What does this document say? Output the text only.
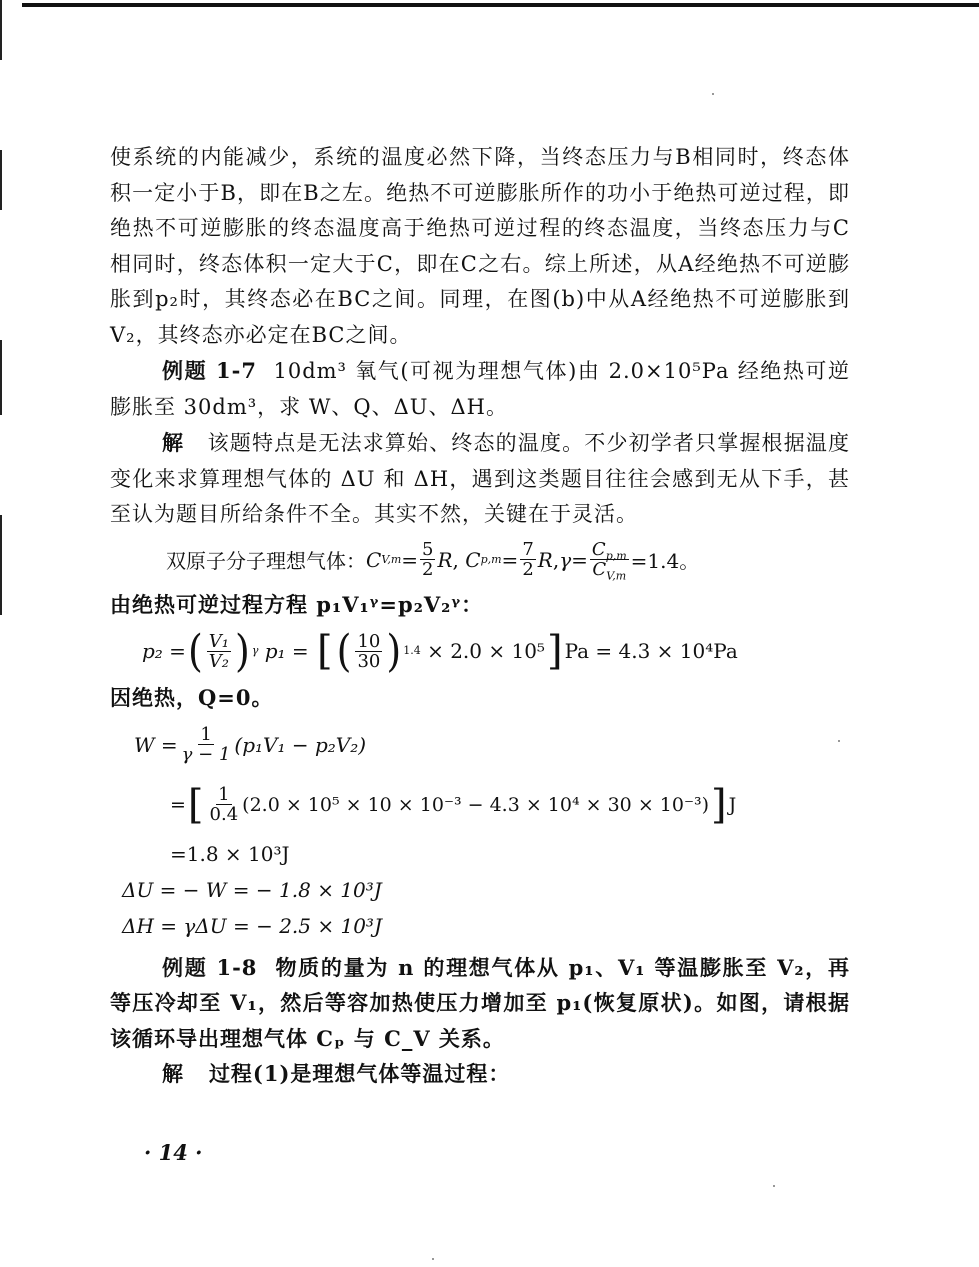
使系统的内能减少，系统的温度必然下降，当终态压力与B相同时，终态体积一定小于B，即在B之左。绝热不可逆膨胀所作的功小于绝热可逆过程，即绝热不可逆膨胀的终态温度高于绝热可逆过程的终态温度，当终态压力与C相同时，终态体积一定大于C，即在C之右。综上所述，从A经绝热不可逆膨胀到p₂时，其终态必在BC之间。同理，在图(b)中从A经绝热不可逆膨胀到V₂，其终态亦必定在BC之间。

例题 1-7 10dm³ 氧气(可视为理想气体)由 2.0×10⁵Pa 经绝热可逆膨胀至 30dm³，求 W、Q、ΔU、ΔH。

解 该题特点是无法求算始、终态的温度。不少初学者只掌握根据温度变化来求算理想气体的 ΔU 和 ΔH，遇到这类题目往往会感到无从下手，甚至认为题目所给条件不全。其实不然，关键在于灵活。

双原子分子理想气体： C $V,m = \frac{5}{2}$ R , C $p,m = \frac{7}{2}$ R , $\gamma = \frac{C_{p,m}}{C_{V,m}} =1.4$。

由绝热可逆过程方程 p₁V₁ᵞ=p₂V₂ᵞ：

p₂ = ( $\frac{\text{V₁}}{\text{V₂}}$ ) γ
p₁ =
[ ( $\frac{10}{30}$ ) 1.4
× 2.0 × 10⁵ ] Pa = 4.3 × 10⁴Pa

因绝热，Q=0。

$W = \frac{1}{\gamma - 1} (p_1V_1 - p_2V_2)$
= [ $\frac{1}{0.4} (2.0 \times 10^5 \times 10 \times 10^{-3} - 4.3 \times 10^4 \times 30 \times 10^{-3})$ ] J
=1.8 × 10³J
ΔU = − W = − 1.8 × 10³J
ΔH = γΔU = − 2.5 × 10³J

例题 1-8 物质的量为 n 的理想气体从 p₁、V₁ 等温膨胀至 V₂，再等压冷却至 V₁，然后等容加热使压力增加至 p₁(恢复原状)。如图，请根据该循环导出理想气体 Cₚ 与 C_V 关系。

解 过程(1)是理想气体等温过程：

· 14 ·
